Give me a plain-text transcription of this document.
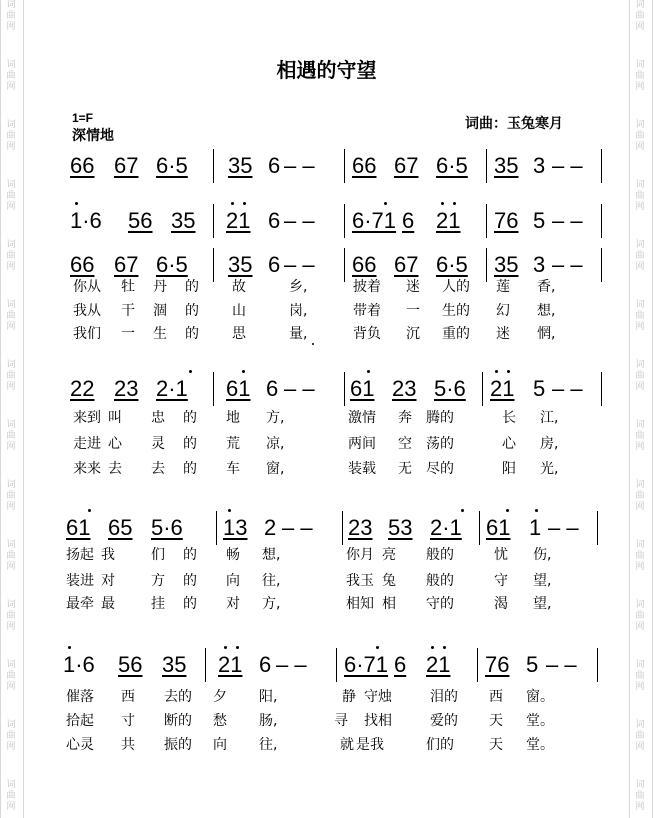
词
曲
网
词
曲
网
词
曲
网
词
曲
网
词
曲
网
词
曲
网
词
曲
网
词
曲
网
词
曲
网
词
曲
网
词
曲
网
词
曲
网
词
曲
网
词
曲
网
词
曲
网
词
曲
网
词
曲
网
词
曲
网
词
曲
网
词
曲
网
词
曲
网
词
曲
网
词
曲
网
词
曲
网
词
曲
网
词
曲
网
词
曲
网
词
曲
网
相遇的守望
1=F
深情地
词曲：玉兔寒月
66 67 6·5 35 6 – – 66 67 6·5 35 3 – –
1·6 56 35 21 6 – – 6·71 6 21 76 5 – –
66 67 6·5 35 6 – – 66 67 6·5 35 3 – –
你从 牡 丹 的 故	乡,	披着 迷 人的 莲 香,
我从 干 涸 的 山	岗,	带着 一 生的 幻 想,
我们 一 生 的 思	量,	背负 沉 重的 迷 惘,
22 23 2·1 61 6 – – 61 23 5·6 21 5 – –
来到 叫 忠 的 地 方,	激情 奔 腾的	长 江,
走进 心 灵 的 荒 凉,	两间 空 荡的	心 房,
来来 去 去 的 车 窗,	装载 无 尽的	阳 光,
61 65 5·6 13 2 – – 23 53 2·1 61 1 – –
扬起 我	们 的 畅 想,	你月 亮 般的	忧 伤,
装进 对	方 的 向 往,	我玉 兔 般的	守 望,
最牵 最	挂 的 对 方,	相知 相 守的	渴 望,
1·6 56 35 21 6 – – 6·71 6 21 76 5 – –
催落 西 去的 夕 阳,	静 守烛	泪的 西 窗。
拾起 寸 断的 愁 肠,	寻 找相	爱的 天 堂。
心灵 共 振的 向 往,	就 是我	们的	天 堂。
